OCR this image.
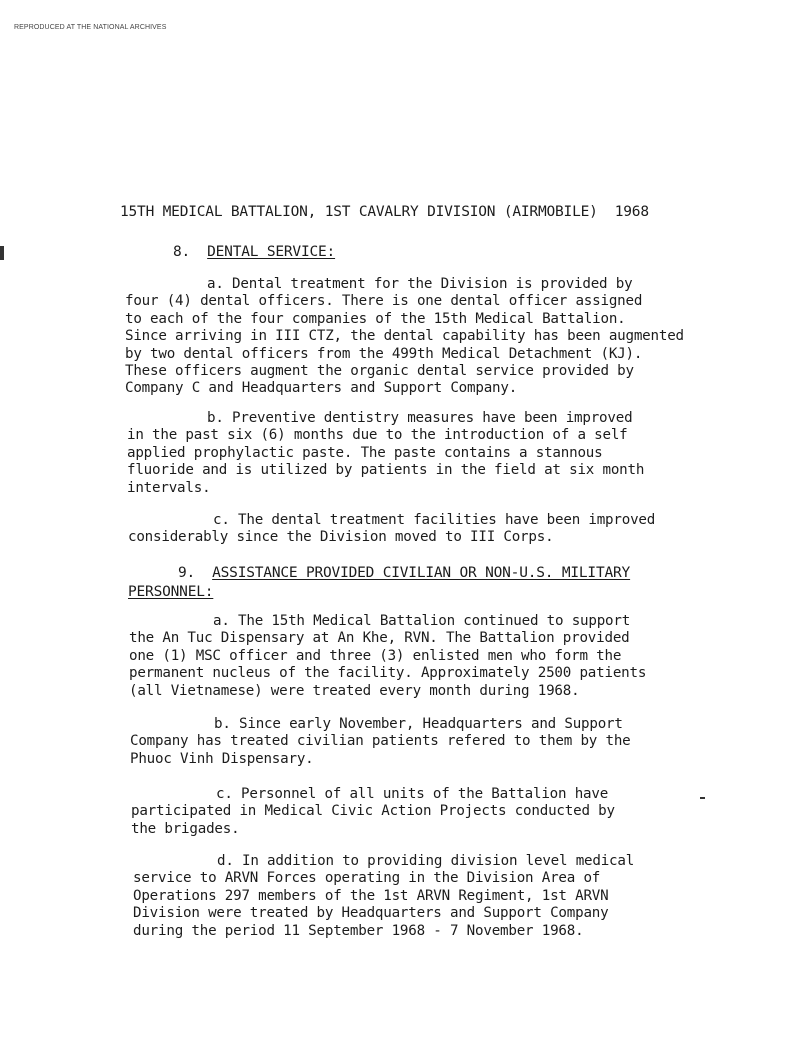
REPRODUCED AT THE NATIONAL ARCHIVES
15TH MEDICAL BATTALION, 1ST CAVALRY DIVISION (AIRMOBILE) 1968
8. DENTAL SERVICE:
a. Dental treatment for the Division is provided by
four (4) dental officers. There is one dental officer assigned
to each of the four companies of the 15th Medical Battalion.
Since arriving in III CTZ, the dental capability has been augmented
by two dental officers from the 499th Medical Detachment (KJ).
These officers augment the organic dental service provided by
Company C and Headquarters and Support Company.
b. Preventive dentistry measures have been improved
in the past six (6) months due to the introduction of a self
applied prophylactic paste. The paste contains a stannous
fluoride and is utilized by patients in the field at six month
intervals.
c. The dental treatment facilities have been improved
considerably since the Division moved to III Corps.
9. ASSISTANCE PROVIDED CIVILIAN OR NON-U.S. MILITARY
PERSONNEL:
a. The 15th Medical Battalion continued to support
the An Tuc Dispensary at An Khe, RVN. The Battalion provided
one (1) MSC officer and three (3) enlisted men who form the
permanent nucleus of the facility. Approximately 2500 patients
(all Vietnamese) were treated every month during 1968.
b. Since early November, Headquarters and Support
Company has treated civilian patients refered to them by the
Phuoc Vinh Dispensary.
c. Personnel of all units of the Battalion have
participated in Medical Civic Action Projects conducted by
the brigades.
d. In addition to providing division level medical
service to ARVN Forces operating in the Division Area of
Operations 297 members of the 1st ARVN Regiment, 1st ARVN
Division were treated by Headquarters and Support Company
during the period 11 September 1968 - 7 November 1968.
